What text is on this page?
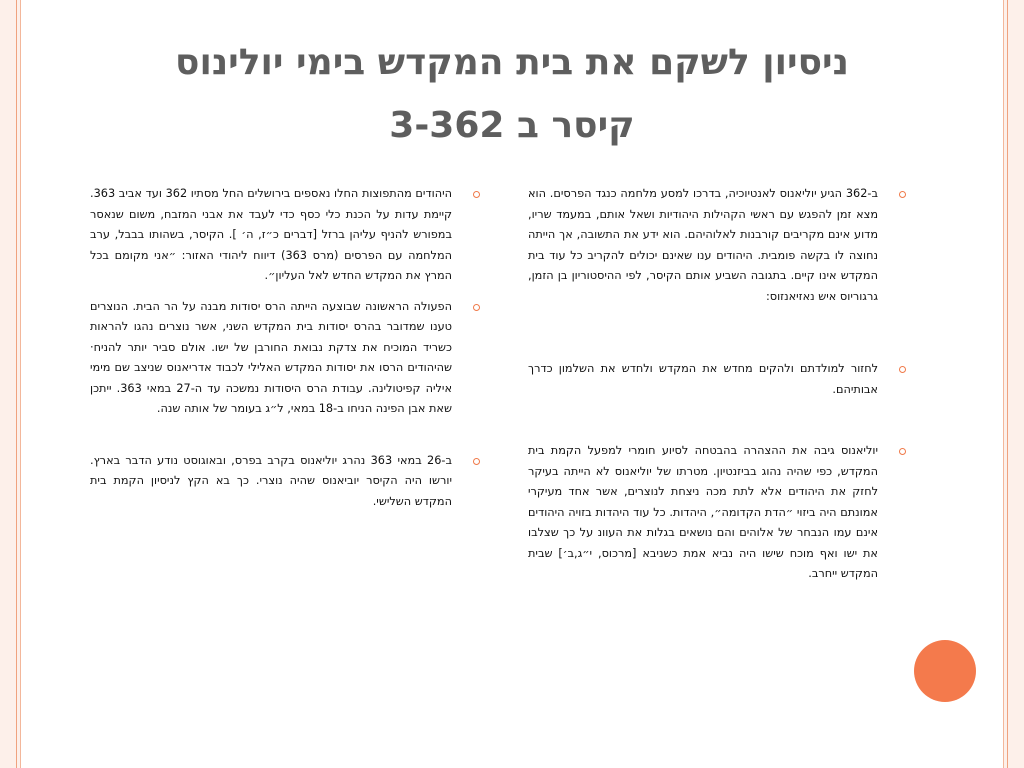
ניסיון לשקם את בית המקדש בימי יולינוס
קיסר ב 3-362
ב-362 הגיע יוליאנוס לאנטיוכיה, בדרכו למסע מלחמה כנגד הפרסים. הוא מצא זמן להפגש עם ראשי הקהילות היהודיות ושאל אותם, במעמד שריו, מדוע אינם מקריבים קורבנות לאלוהיהם. הוא ידע את התשובה, אך הייתה נחוצה לו בקשה פומבית. היהודים ענו שאינם יכולים להקריב כל עוד בית המקדש אינו קיים. בתגובה השביע אותם הקיסר, לפי ההיסטוריון בן הזמן, גרגוריוס איש נאזיאנזוס:
לחזור למולדתם ולהקים מחדש את המקדש ולחדש את השלמון כדרך אבותיהם.
יוליאנוס גיבה את ההצהרה בהבטחה לסיוע חומרי למפעל הקמת בית המקדש, כפי שהיה נהוג בביזנטיון. מטרתו של יוליאנוס לא הייתה בעיקר לחזק את היהודים אלא לתת מכה ניצחת לנוצרים, אשר אחד מעיקרי אמונתם היה ביזוי ״הדת הקדומה״, היהדות. כל עוד היהדות בזויה היהודים אינם עמו הנבחר של אלוהים והם נושאים בגלות את העוונ על כך שצלבו את ישו ואף מוכח שישו היה נביא אמת כשניבא [מרכוס, י״ג,ב׳] שבית המקדש ייחרב.
היהודים מהתפוצות החלו נאספים בירושלים החל מסתיו 362 ועד אביב 363. קיימת עדות על הכנת כלי כסף כדי לעבד את אבני המזבח, משום שנאסר במפורש להניף עליהן ברזל [דברים כ״ז, ה׳ ]. הקיסר, בשהותו בבבל, ערב המלחמה עם הפרסים (מרס 363) דיווח ליהודי האזור: ״אני מקומם בכל המרץ את המקדש החדש לאל העליון״.
הפעולה הראשונה שבוצעה הייתה הרס יסודות מבנה על הר הבית. הנוצרים טענו שמדובר בהרס יסודות בית המקדש השני, אשר נוצרים נהגו להראות כשריד המוכיח את צדקת נבואת החורבן של ישו. אולם סביר יותר להניח· שהיהודים הרסו את יסודות המקדש האלילי לכבוד אדריאנוס שניצב שם מימי איליה קפיטולינה. עבודת הרס היסודות נמשכה עד ה-27 במאי 363. ייתכן שאת אבן הפינה הניחו ב-18 במאי, ל״ג בעומר של אותה שנה.
ב-26 במאי 363 נהרג יוליאנוס בקרב בפרס, ובאוגוסט נודע הדבר בארץ. יורשו היה הקיסר יוביאנוס שהיה נוצרי. כך בא הקץ לניסיון הקמת בית המקדש השלישי.
